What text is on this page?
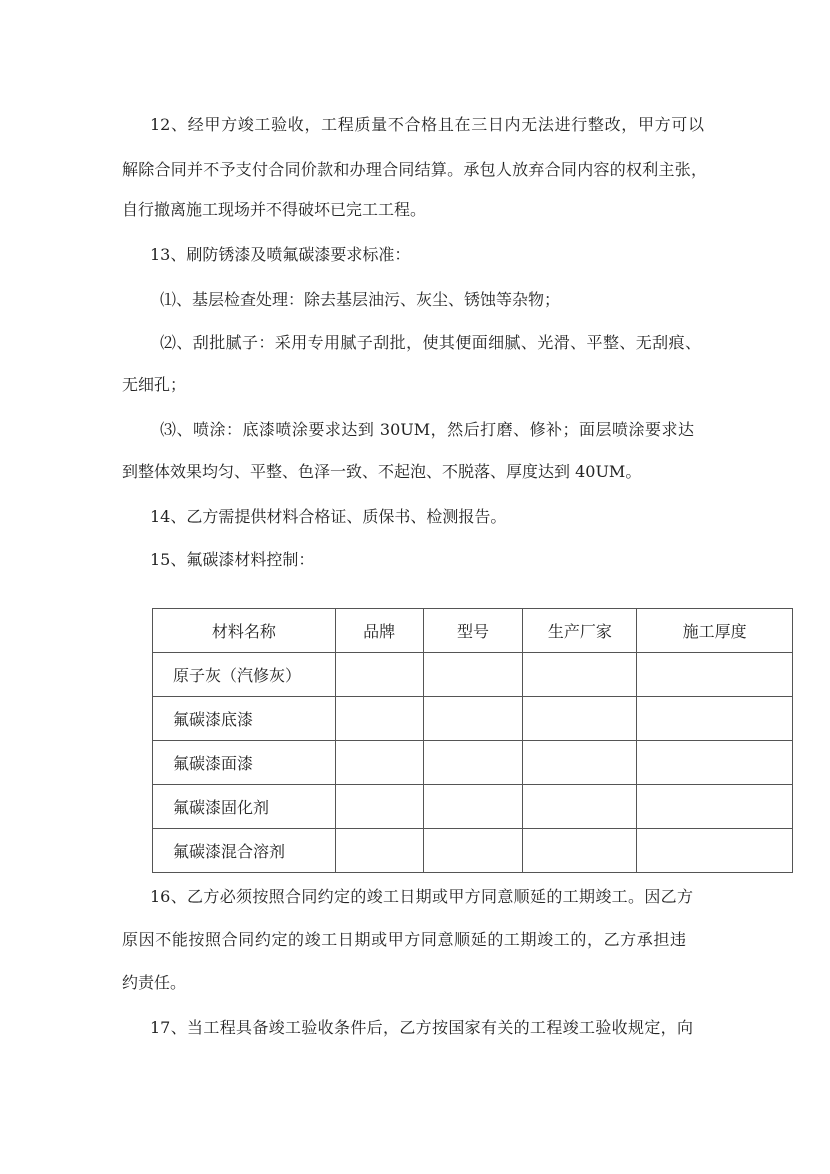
12、经甲方竣工验收，工程质量不合格且在三日内无法进行整改，甲方可以
解除合同并不予支付合同价款和办理合同结算。承包人放弃合同内容的权利主张，
自行撤离施工现场并不得破坏已完工工程。
13、刷防锈漆及喷氟碳漆要求标准：
⑴、基层检查处理：除去基层油污、灰尘、锈蚀等杂物；
⑵、刮批腻子：采用专用腻子刮批，使其便面细腻、光滑、平整、无刮痕、
无细孔；
⑶、喷涂：底漆喷涂要求达到 30UM，然后打磨、修补；面层喷涂要求达
到整体效果均匀、平整、色泽一致、不起泡、不脱落、厚度达到 40UM。
14、乙方需提供材料合格证、质保书、检测报告。
15、氟碳漆材料控制：
材料名称	品牌	型号	生产厂家	施工厚度
原子灰（汽修灰）				
氟碳漆底漆				
氟碳漆面漆				
氟碳漆固化剂				
氟碳漆混合溶剂				
16、乙方必须按照合同约定的竣工日期或甲方同意顺延的工期竣工。因乙方
原因不能按照合同约定的竣工日期或甲方同意顺延的工期竣工的，乙方承担违
约责任。
17、当工程具备竣工验收条件后，乙方按国家有关的工程竣工验收规定，向
